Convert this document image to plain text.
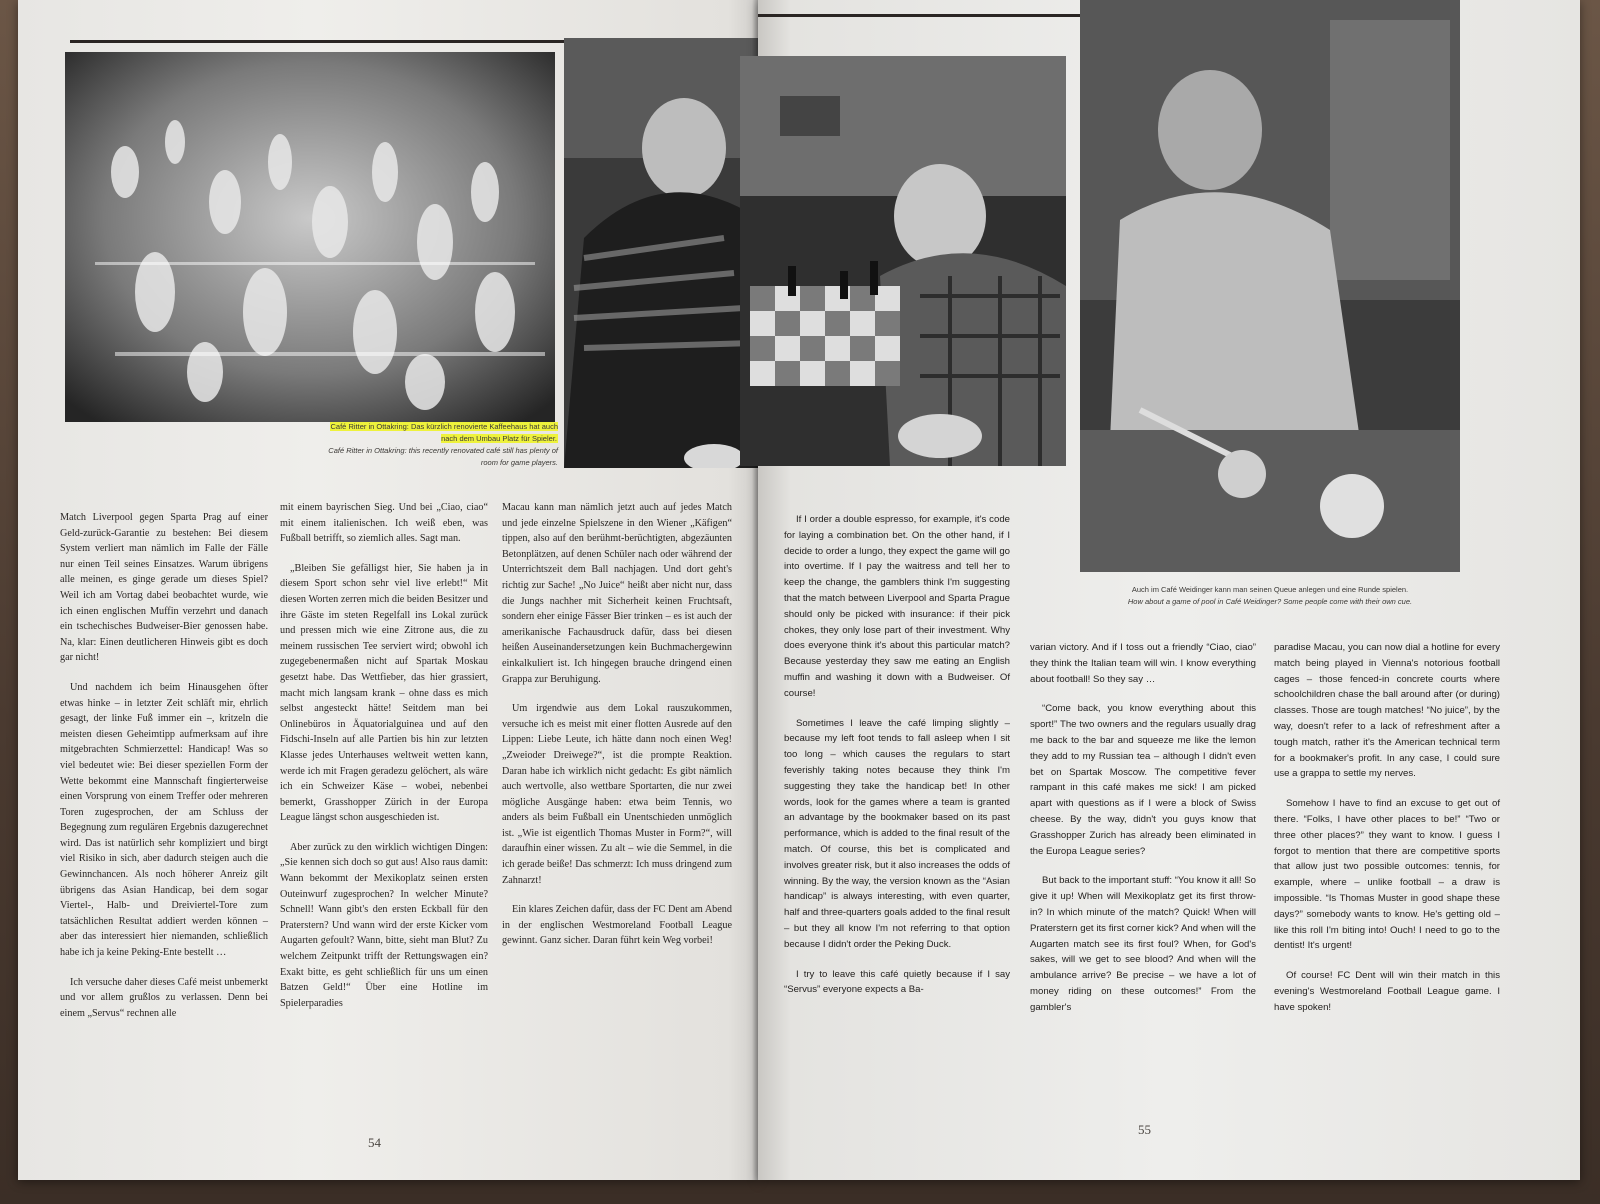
Café Ritter in Ottakring: Das kürzlich renovierte Kaffeehaus hat auch nach dem Umbau Platz für Spieler.
Café Ritter in Ottakring: this recently renovated café still has plenty of room for game players.

Match Liverpool gegen Sparta Prag auf einer Geld-zurück-Garantie zu bestehen: Bei diesem System verliert man nämlich im Falle der Fälle nur einen Teil seines Einsatzes. Warum übrigens alle meinen, es ginge gerade um dieses Spiel? Weil ich am Vortag dabei beobachtet wurde, wie ich einen englischen Muffin verzehrt und danach ein tschechisches Budweiser-Bier genossen habe. Na, klar: Einen deutlicheren Hinweis gibt es doch gar nicht!

Und nachdem ich beim Hinausgehen öfter etwas hinke – in letzter Zeit schläft mir, ehrlich gesagt, der linke Fuß immer ein –, kritzeln die meisten diesen Geheimtipp aufmerksam auf ihre mitgebrachten Schmierzettel: Handicap! Was so viel bedeutet wie: Bei dieser speziellen Form der Wette bekommt eine Mannschaft fingierterweise einen Vorsprung von einem Treffer oder mehreren Toren zugesprochen, der am Schluss der Begegnung zum regulären Ergebnis dazugerechnet wird. Das ist natürlich sehr kompliziert und birgt viel Risiko in sich, aber dadurch steigen auch die Gewinnchancen. Als noch höherer Anreiz gilt übrigens das Asian Handicap, bei dem sogar Viertel-, Halb- und Dreiviertel-Tore zum tatsächlichen Resultat addiert werden können – aber das interessiert hier niemanden, schließlich habe ich ja keine Peking-Ente bestellt …

Ich versuche daher dieses Café meist unbemerkt und vor allem grußlos zu verlassen. Denn bei einem „Servus“ rechnen alle

mit einem bayrischen Sieg. Und bei „Ciao, ciao“ mit einem italienischen. Ich weiß eben, was Fußball betrifft, so ziemlich alles. Sagt man.

„Bleiben Sie gefälligst hier, Sie haben ja in diesem Sport schon sehr viel live erlebt!“ Mit diesen Worten zerren mich die beiden Besitzer und ihre Gäste im steten Regelfall ins Lokal zurück und pressen mich wie eine Zitrone aus, die zu meinem russischen Tee serviert wird; obwohl ich zugegebenermaßen nicht auf Spartak Moskau gesetzt habe. Das Wettfieber, das hier grassiert, macht mich langsam krank – ohne dass es mich selbst angesteckt hätte! Seitdem man bei Onlinebüros in Äquatorialguinea und auf den Fidschi-Inseln auf alle Partien bis hin zur letzten Klasse jedes Unterhauses weltweit wetten kann, werde ich mit Fragen geradezu gelöchert, als wäre ich ein Schweizer Käse – wobei, nebenbei bemerkt, Grasshopper Zürich in der Europa League längst schon ausgeschieden ist.

Aber zurück zu den wirklich wichtigen Dingen: „Sie kennen sich doch so gut aus! Also raus damit: Wann bekommt der Mexikoplatz seinen ersten Outeinwurf zugesprochen? In welcher Minute? Schnell! Wann gibt's den ersten Eckball für den Praterstern? Und wann wird der erste Kicker vom Augarten gefoult? Wann, bitte, sieht man Blut? Zu welchem Zeitpunkt trifft der Rettungswagen ein? Exakt bitte, es geht schließlich für uns um einen Batzen Geld!“ Über eine Hotline im Spielerparadies

Macau kann man nämlich jetzt auch auf jedes Match und jede einzelne Spielszene in den Wiener „Käfigen“ tippen, also auf den berühmt-berüchtigten, abgezäunten Betonplätzen, auf denen Schüler nach oder während der Unterrichtszeit dem Ball nachjagen. Und dort geht's richtig zur Sache! „No Juice“ heißt aber nicht nur, dass die Jungs nachher mit Sicherheit keinen Fruchtsaft, sondern eher einige Fässer Bier trinken – es ist auch der amerikanische Fachausdruck dafür, dass bei diesen heißen Auseinandersetzungen kein Buchmachergewinn einkalkuliert ist. Ich hingegen brauche dringend einen Grappa zur Beruhigung.

Um irgendwie aus dem Lokal rauszukommen, versuche ich es meist mit einer flotten Ausrede auf den Lippen: Liebe Leute, ich hätte dann noch einen Weg! „Zweioder Dreiwege?“, ist die prompte Reaktion. Daran habe ich wirklich nicht gedacht: Es gibt nämlich auch wertvolle, also wettbare Sportarten, die nur zwei mögliche Ausgänge haben: etwa beim Tennis, wo anders als beim Fußball ein Unentschieden unmöglich ist. „Wie ist eigentlich Thomas Muster in Form?“, will daraufhin einer wissen. Zu alt – wie die Semmel, in die ich gerade beiße! Das schmerzt: Ich muss dringend zum Zahnarzt!

Ein klares Zeichen dafür, dass der FC Dent am Abend in der englischen Westmoreland Football League gewinnt. Ganz sicher. Daran führt kein Weg vorbei!

54
Auch im Café Weidinger kann man seinen Queue anlegen und eine Runde spielen.
How about a game of pool in Café Weidinger? Some people come with their own cue.

If I order a double espresso, for example, it's code for laying a combination bet. On the other hand, if I decide to order a lungo, they expect the game will go into overtime. If I pay the waitress and tell her to keep the change, the gamblers think I'm suggesting that the match between Liverpool and Sparta Prague should only be picked with insurance: if their pick chokes, they only lose part of their investment. Why does everyone think it's about this particular match? Because yesterday they saw me eating an English muffin and washing it down with a Budweiser. Of course!

Sometimes I leave the café limping slightly – because my left foot tends to fall asleep when I sit too long – which causes the regulars to start feverishly taking notes because they think I'm suggesting they take the handicap bet! In other words, look for the games where a team is granted an advantage by the bookmaker based on its past performance, which is added to the final result of the match. Of course, this bet is complicated and involves greater risk, but it also increases the odds of winning. By the way, the version known as the “Asian handicap” is always interesting, with even quarter, half and three-quarters goals added to the final result – but they all know I'm not referring to that option because I didn't order the Peking Duck.

I try to leave this café quietly because if I say “Servus” everyone expects a Ba-

varian victory. And if I toss out a friendly “Ciao, ciao” they think the Italian team will win. I know everything about football! So they say …

“Come back, you know everything about this sport!” The two owners and the regulars usually drag me back to the bar and squeeze me like the lemon they add to my Russian tea – although I didn't even bet on Spartak Moscow. The competitive fever rampant in this café makes me sick! I am picked apart with questions as if I were a block of Swiss cheese. By the way, didn't you guys know that Grasshopper Zurich has already been eliminated in the Europa League series?

But back to the important stuff: “You know it all! So give it up! When will Mexikoplatz get its first throw-in? In which minute of the match? Quick! When will Praterstern get its first corner kick? And when will the Augarten match see its first foul? When, for God's sakes, will we get to see blood? And when will the ambulance arrive? Be precise – we have a lot of money riding on these outcomes!” From the gambler's

paradise Macau, you can now dial a hotline for every match being played in Vienna's notorious football cages – those fenced-in concrete courts where schoolchildren chase the ball around after (or during) classes. Those are tough matches! “No juice”, by the way, doesn't refer to a lack of refreshment after a tough match, rather it's the American technical term for a bookmaker's profit. In any case, I could sure use a grappa to settle my nerves.

Somehow I have to find an excuse to get out of there. “Folks, I have other places to be!” “Two or three other places?” they want to know. I guess I forgot to mention that there are competitive sports that allow just two possible outcomes: tennis, for example, where – unlike football – a draw is impossible. “Is Thomas Muster in good shape these days?” somebody wants to know. He's getting old – like this roll I'm biting into! Ouch! I need to go to the dentist! It's urgent!

Of course! FC Dent will win their match in this evening's Westmoreland Football League game. I have spoken!

55
